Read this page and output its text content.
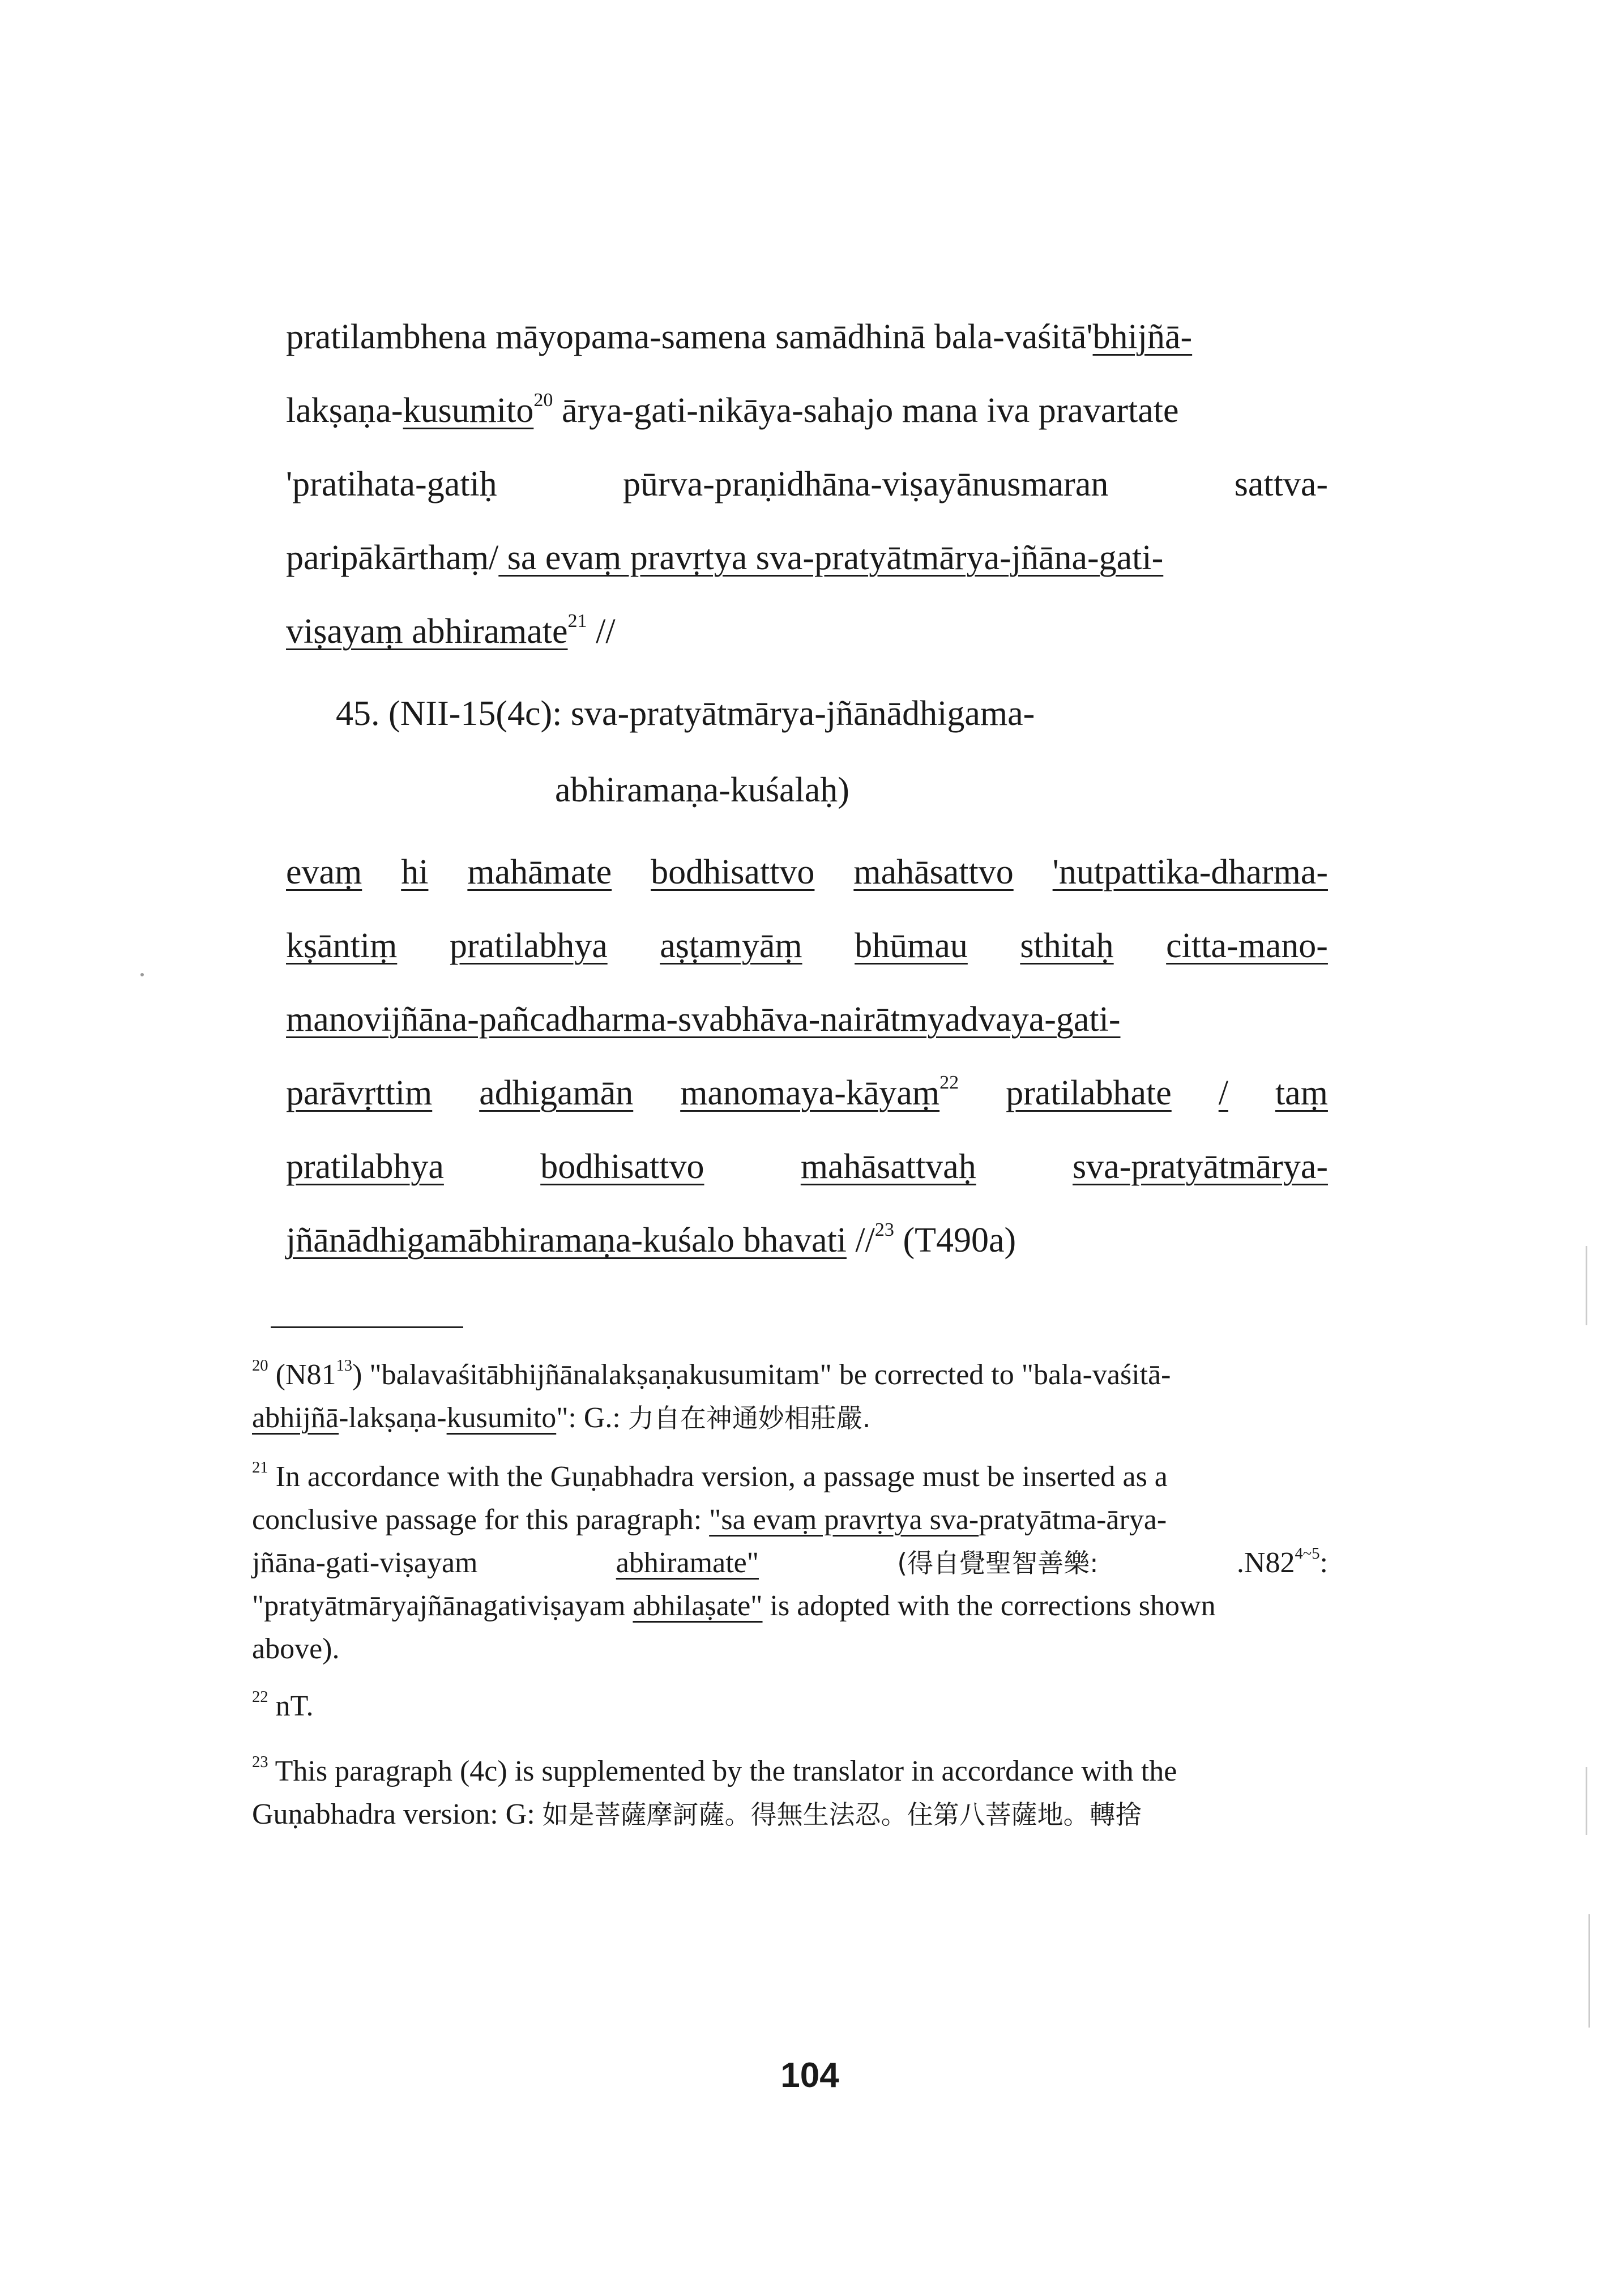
pratilambhena māyopama-samena samādhinā bala-vaśitā'bhijñā-
lakṣaṇa-kusumito$^{20}$ ārya-gati-nikāya-sahajo mana iva pravartate
'pratihata-gatiḥ	pūrva-praṇidhāna-viṣayānusmaran	sattva-
paripākārthaṃ/ sa evaṃ pravṛtya sva-pratyātmārya-jñāna-gati-
viṣayaṃ abhiramate$^{21}$ //
45. (NII-15(4c): sva-pratyātmārya-jñānādhigama-
abhiramaṇa-kuśalaḥ)
evaṃ hi mahāmate bodhisattvo mahāsattvo 'nutpattika-dharma-
kṣāntiṃ pratilabhya aṣṭamyāṃ bhūmau sthitaḥ citta-mano-
manovijñāna-pañcadharma-svabhāva-nairātmyadvaya-gati-
parāvṛttim adhigamān manomaya-kāyaṃ$^{22}$ pratilabhate / taṃ
pratilabhya	bodhisattvo	mahāsattvaḥ	sva-pratyātmārya-
jñānādhigamābhiramaṇa-kuśalo bhavati //$^{23}$ (T490a)
$^{20}$ $(N81^{13})$ "balavaśitābhijñānalakṣaṇakusumitam" be corrected to "bala-vaśitā-
abhijñā-lakṣaṇa-kusumito": G.: 力自在神通妙相莊嚴.
$^{21}$ In accordance with the Guṇabhadra version, a passage must be inserted as a
conclusive passage for this paragraph: "sa evaṃ pravṛtya sva-pratyātma-ārya-
jñāna-gati-viṣayam	abhiramate"	(得自覺聖智善樂:	$.N82^{4\sim 5}$:
"pratyātmāryajñānagativiṣayam abhilaṣate" is adopted with the corrections shown
above).
$^{22}$ nT.
$^{23}$ This paragraph (4c) is supplemented by the translator in accordance with the
Guṇabhadra version: G: 如是菩薩摩訶薩。得無生法忍。住第八菩薩地。轉捨
104
